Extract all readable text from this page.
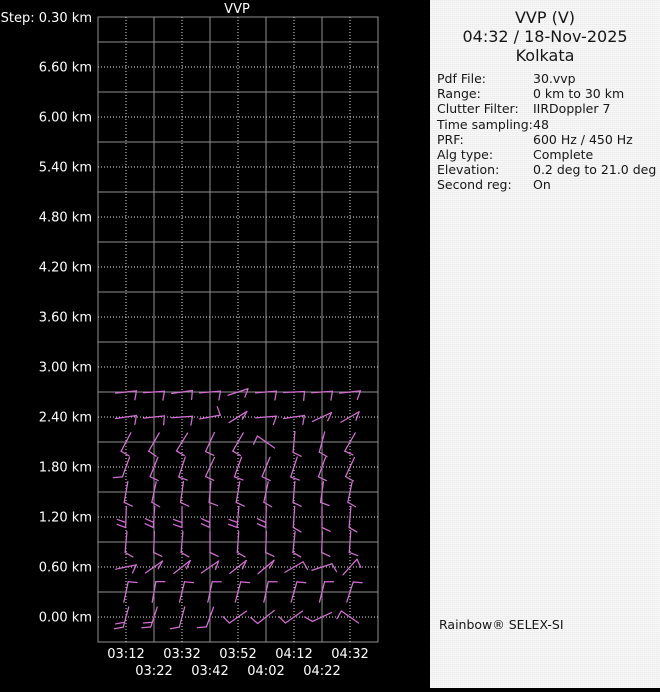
VVP
Step: 0.30 km
6.60 km
6.00 km
5.40 km
4.80 km
4.20 km
3.60 km
3.00 km
2.40 km
1.80 km
1.20 km
0.60 km
0.00 km
03:12
03:22
03:32
03:42
03:52
04:02
04:12
04:22
04:32
VVP (V)
04:32 / 18-Nov-2025
Kolkata
Pdf File:	30.vvp
Range:	0 km to 30 km
Clutter Filter:	IIRDoppler 7
Time sampling: 48
PRF:	600 Hz / 450 Hz
Alg type:	Complete
Elevation:	0.2 deg to 21.0 deg
Second reg:	On
Rainbow® SELEX-SI
